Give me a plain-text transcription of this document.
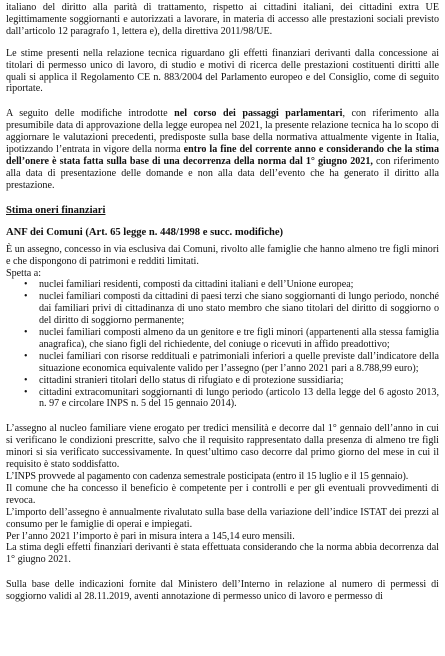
italiano del diritto alla parità di trattamento, rispetto ai cittadini italiani, dei cittadini extra UE legittimamente soggiornanti e autorizzati a lavorare, in materia di accesso alle prestazioni sociali previsto dall’articolo 12 paragrafo 1, lettera e), della direttiva 2011/98/UE.

Le stime presenti nella relazione tecnica riguardano gli effetti finanziari derivanti dalla concessione ai titolari di permesso unico di lavoro, di studio e motivi di ricerca delle prestazioni costituenti diritti alle quali si applica il Regolamento CE n. 883/2004 del Parlamento europeo e del Consiglio, come di seguito riportate.

A seguito delle modifiche introdotte nel corso dei passaggi parlamentari, con riferimento alla presumibile data di approvazione della legge europea nel 2021, la presente relazione tecnica ha lo scopo di aggiornare le valutazioni precedenti, predisposte sulla base della normativa attualmente vigente in Italia, ipotizzando l’entrata in vigore della norma entro la fine del corrente anno e considerando che la stima dell’onere è stata fatta sulla base di una decorrenza della norma dal 1° giugno 2021, con riferimento alla data di presentazione delle domande e non alla data dell’evento che ha generato il diritto alla prestazione.

Stima oneri finanziari
ANF dei Comuni (Art. 65 legge n. 448/1998 e succ. modifiche)

È un assegno, concesso in via esclusiva dai Comuni, rivolto alle famiglie che hanno almeno tre figli minori e che dispongono di patrimoni e redditi limitati.

Spetta a:

• nuclei familiari residenti, composti da cittadini italiani e dell’Unione europea;
• nuclei familiari composti da cittadini di paesi terzi che siano soggiornanti di lungo periodo, nonché dai familiari privi di cittadinanza di uno stato membro che siano titolari del diritto di soggiorno o del diritto di soggiorno permanente;
• nuclei familiari composti almeno da un genitore e tre figli minori (appartenenti alla stessa famiglia anagrafica), che siano figli del richiedente, del coniuge o ricevuti in affido preadottivo;
• nuclei familiari con risorse reddituali e patrimoniali inferiori a quelle previste dall’indicatore della situazione economica equivalente valido per l’assegno (per l’anno 2021 pari a 8.788,99 euro);
• cittadini stranieri titolari dello status di rifugiato e di protezione sussidiaria;
• cittadini extracomunitari soggiornanti di lungo periodo (articolo 13 della legge del 6 agosto 2013, n. 97 e circolare INPS n. 5 del 15 gennaio 2014).

L’assegno al nucleo familiare viene erogato per tredici mensilità e decorre dal 1° gennaio dell’anno in cui si verificano le condizioni prescritte, salvo che il requisito rappresentato dalla presenza di almeno tre figli minori si sia verificato successivamente. In quest’ultimo caso decorre dal primo giorno del mese in cui il requisito è stato soddisfatto.

L’INPS provvede al pagamento con cadenza semestrale posticipata (entro il 15 luglio e il 15 gennaio).

Il comune che ha concesso il beneficio è competente per i controlli e per gli eventuali provvedimenti di revoca.

L’importo dell’assegno è annualmente rivalutato sulla base della variazione dell’indice ISTAT dei prezzi al consumo per le famiglie di operai e impiegati.

Per l’anno 2021 l’importo è pari in misura intera a 145,14 euro mensili.

La stima degli effetti finanziari derivanti è stata effettuata considerando che la norma abbia decorrenza dal 1° giugno 2021.

Sulla base delle indicazioni fornite dal Ministero dell’Interno in relazione al numero di permessi di soggiorno validi al 28.11.2019, aventi annotazione di permesso unico di lavoro e permesso di
